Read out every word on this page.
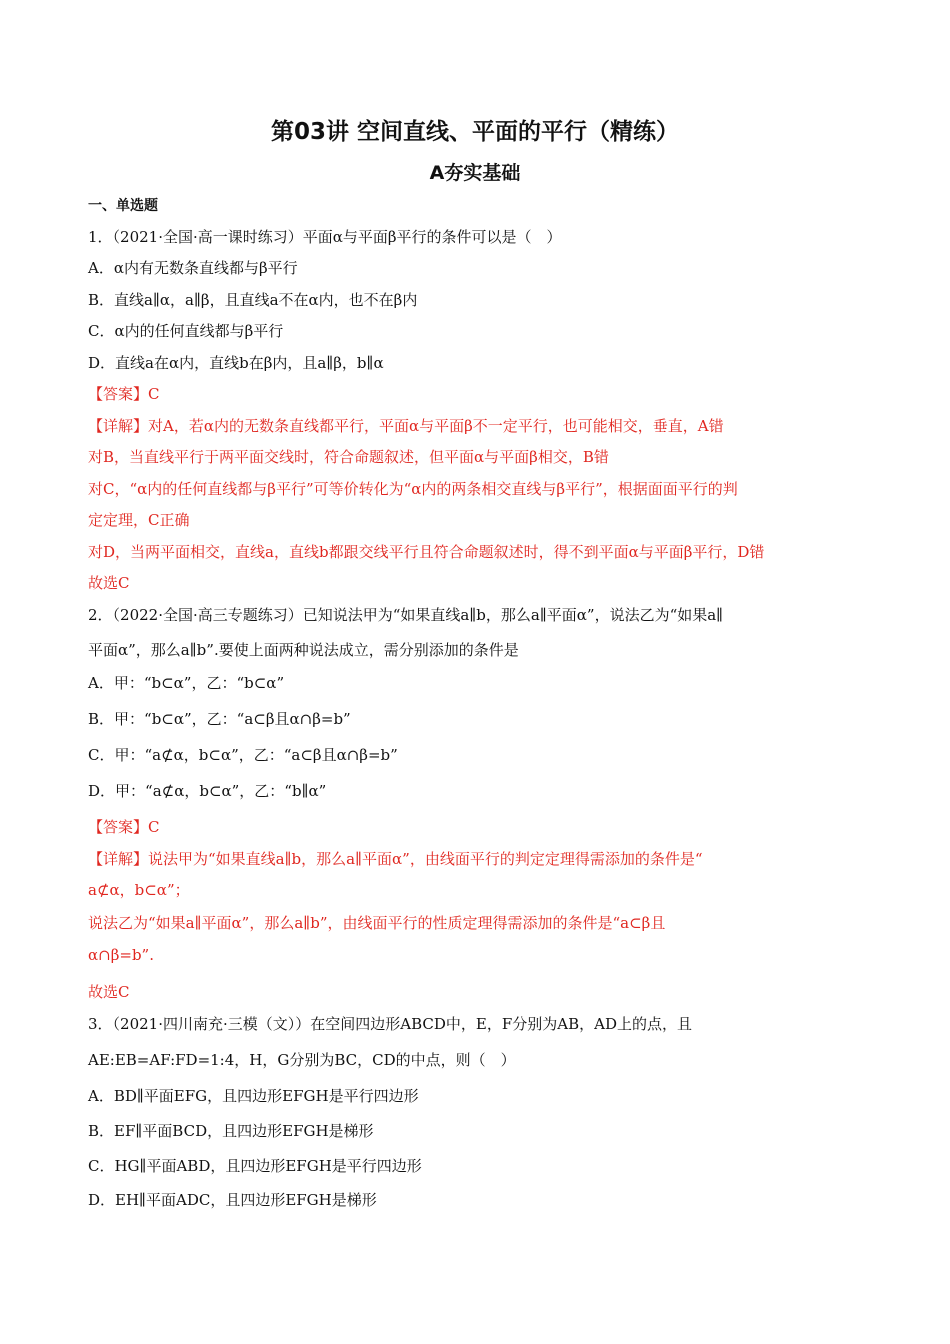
第03讲 空间直线、平面的平行（精练）
A夯实基础
一、单选题
1．（2021·全国·高一课时练习）平面α与平面β平行的条件可以是（　）
A．α内有无数条直线都与β平行
B．直线a∥α，a∥β，且直线a不在α内，也不在β内
C．α内的任何直线都与β平行
D．直线a在α内，直线b在β内，且a∥β，b∥α
【答案】C
【详解】对A，若α内的无数条直线都平行，平面α与平面β不一定平行，也可能相交，垂直，A错
对B，当直线平行于两平面交线时，符合命题叙述，但平面α与平面β相交，B错
对C，“α内的任何直线都与β平行”可等价转化为“α内的两条相交直线与β平行”，根据面面平行的判
定定理，C正确
对D，当两平面相交，直线a，直线b都跟交线平行且符合命题叙述时，得不到平面α与平面β平行，D错
故选C
2．（2022·全国·高三专题练习）已知说法甲为“如果直线a∥b，那么a∥平面α”，说法乙为“如果a∥
平面α”，那么a∥b”.要使上面两种说法成立，需分别添加的条件是
A．甲：“b⊂α”，乙：“b⊂α”
B．甲：“b⊂α”，乙：“a⊂β且α∩β=b”
C．甲：“a⊄α，b⊂α”，乙：“a⊂β且α∩β=b”
D．甲：“a⊄α，b⊂α”，乙：“b∥α”
【答案】C
【详解】说法甲为“如果直线a∥b，那么a∥平面α”，由线面平行的判定定理得需添加的条件是“
a⊄α，b⊂α”；
说法乙为“如果a∥平面α”，那么a∥b”，由线面平行的性质定理得需添加的条件是“a⊂β且
α∩β=b”.
故选C
3．（2021·四川南充·三模（文））在空间四边形ABCD中，E，F分别为AB，AD上的点，且
AE:EB=AF:FD=1:4，H，G分别为BC，CD的中点，则（　）
A．BD∥平面EFG，且四边形EFGH是平行四边形
B．EF∥平面BCD，且四边形EFGH是梯形
C．HG∥平面ABD，且四边形EFGH是平行四边形
D．EH∥平面ADC，且四边形EFGH是梯形
